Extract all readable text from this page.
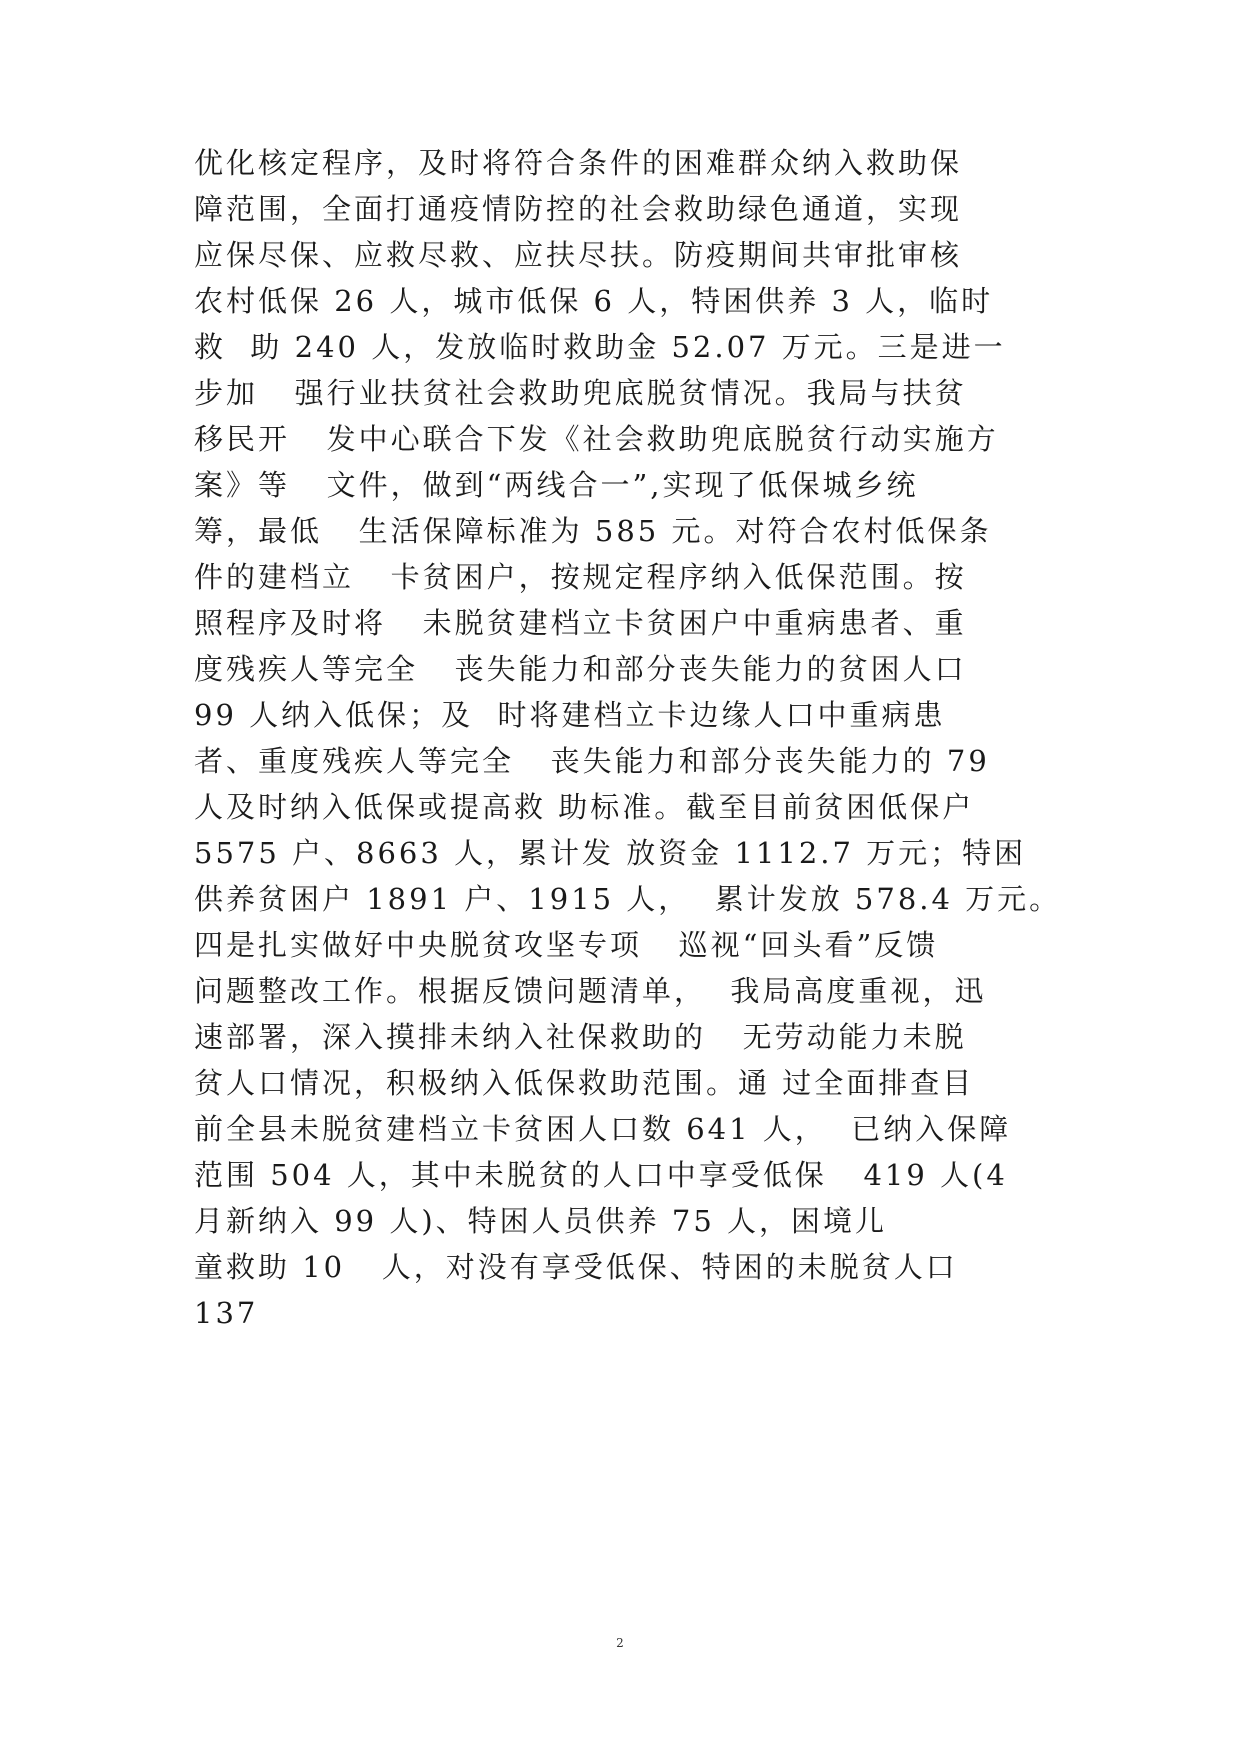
优化核定程序，及时将符合条件的困难群众纳入救助保
障范围，全面打通疫情防控的社会救助绿色通道，实现
应保尽保、应救尽救、应扶尽扶。防疫期间共审批审核
农村低保 26 人，城市低保 6 人，特困供养 3 人，临时
救  助 240 人，发放临时救助金 52.07 万元。三是进一
步加   强行业扶贫社会救助兜底脱贫情况。我局与扶贫
移民开   发中心联合下发《社会救助兜底脱贫行动实施方
案》等   文件，做到“两线合一”,实现了低保城乡统
筹，最低   生活保障标准为 585 元。对符合农村低保条
件的建档立   卡贫困户，按规定程序纳入低保范围。按
照程序及时将   未脱贫建档立卡贫困户中重病患者、重
度残疾人等完全   丧失能力和部分丧失能力的贫困人口
99 人纳入低保；及  时将建档立卡边缘人口中重病患
者、重度残疾人等完全   丧失能力和部分丧失能力的 79
人及时纳入低保或提高救 助标准。截至目前贫困低保户
5575 户、8663 人，累计发 放资金 1112.7 万元；特困
供养贫困户 1891 户、1915 人，  累计发放 578.4 万元。
四是扎实做好中央脱贫攻坚专项   巡视“回头看”反馈
问题整改工作。根据反馈问题清单，  我局高度重视，迅
速部署，深入摸排未纳入社保救助的   无劳动能力未脱
贫人口情况，积极纳入低保救助范围。通 过全面排查目
前全县未脱贫建档立卡贫困人口数 641 人，  已纳入保障
范围 504 人，其中未脱贫的人口中享受低保   419 人(4
月新纳入 99 人)、特困人员供养 75 人，困境儿
童救助 10   人，对没有享受低保、特困的未脱贫人口
137
2
